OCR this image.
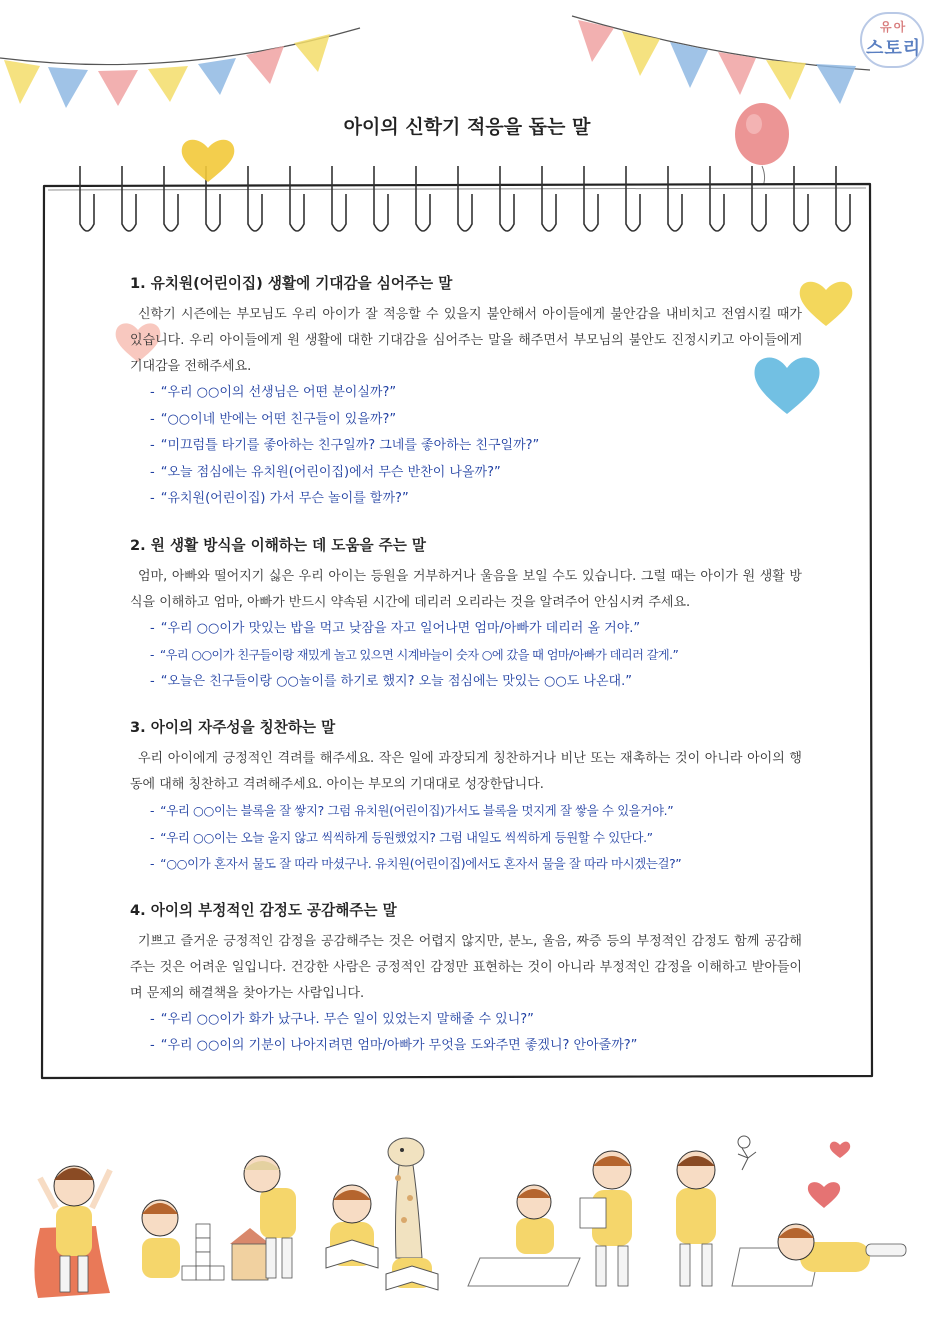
유아
스토리
아이의 신학기 적응을 돕는 말
1. 유치원(어린이집) 생활에 기대감을 심어주는 말

신학기 시즌에는 부모님도 우리 아이가 잘 적응할 수 있을지 불안해서 아이들에게 불안감을 내비치고 전염시킬 때가 있습니다. 우리 아이들에게 원 생활에 대한 기대감을 심어주는 말을 해주면서 부모님의 불안도 진정시키고 아이들에게 기대감을 전해주세요.

- “우리 ○○이의 선생님은 어떤 분이실까?”
- “○○이네 반에는 어떤 친구들이 있을까?”
- “미끄럼틀 타기를 좋아하는 친구일까? 그네를 좋아하는 친구일까?”
- “오늘 점심에는 유치원(어린이집)에서 무슨 반찬이 나올까?”
- “유치원(어린이집) 가서 무슨 놀이를 할까?”
2. 원 생활 방식을 이해하는 데 도움을 주는 말

엄마, 아빠와 떨어지기 싫은 우리 아이는 등원을 거부하거나 울음을 보일 수도 있습니다. 그럴 때는 아이가 원 생활 방식을 이해하고 엄마, 아빠가 반드시 약속된 시간에 데리러 오리라는 것을 알려주어 안심시켜 주세요.

- “우리 ○○이가 맛있는 밥을 먹고 낮잠을 자고 일어나면 엄마/아빠가 데리러 올 거야.”
- “우리 ○○이가 친구들이랑 재밌게 놀고 있으면 시계바늘이 숫자 ○에 갔을 때 엄마/아빠가 데리러 갈게.”
- “오늘은 친구들이랑 ○○놀이를 하기로 했지? 오늘 점심에는 맛있는 ○○도 나온대.”
3. 아이의 자주성을 칭찬하는 말

우리 아이에게 긍정적인 격려를 해주세요. 작은 일에 과장되게 칭찬하거나 비난 또는 재촉하는 것이 아니라 아이의 행동에 대해 칭찬하고 격려해주세요. 아이는 부모의 기대대로 성장한답니다.

- “우리 ○○이는 블록을 잘 쌓지? 그럼 유치원(어린이집)가서도 블록을 멋지게 잘 쌓을 수 있을거야.”
- “우리 ○○이는 오늘 울지 않고 씩씩하게 등원했었지? 그럼 내일도 씩씩하게 등원할 수 있단다.”
- “○○이가 혼자서 물도 잘 따라 마셨구나. 유치원(어린이집)에서도 혼자서 물을 잘 따라 마시겠는걸?”
4. 아이의 부정적인 감정도 공감해주는 말

기쁘고 즐거운 긍정적인 감정을 공감해주는 것은 어렵지 않지만, 분노, 울음, 짜증 등의 부정적인 감정도 함께 공감해주는 것은 어려운 일입니다. 건강한 사람은 긍정적인 감정만 표현하는 것이 아니라 부정적인 감정을 이해하고 받아들이며 문제의 해결책을 찾아가는 사람입니다.

- “우리 ○○이가 화가 났구나. 무슨 일이 있었는지 말해줄 수 있니?”
- “우리 ○○이의 기분이 나아지려면 엄마/아빠가 무엇을 도와주면 좋겠니? 안아줄까?”
